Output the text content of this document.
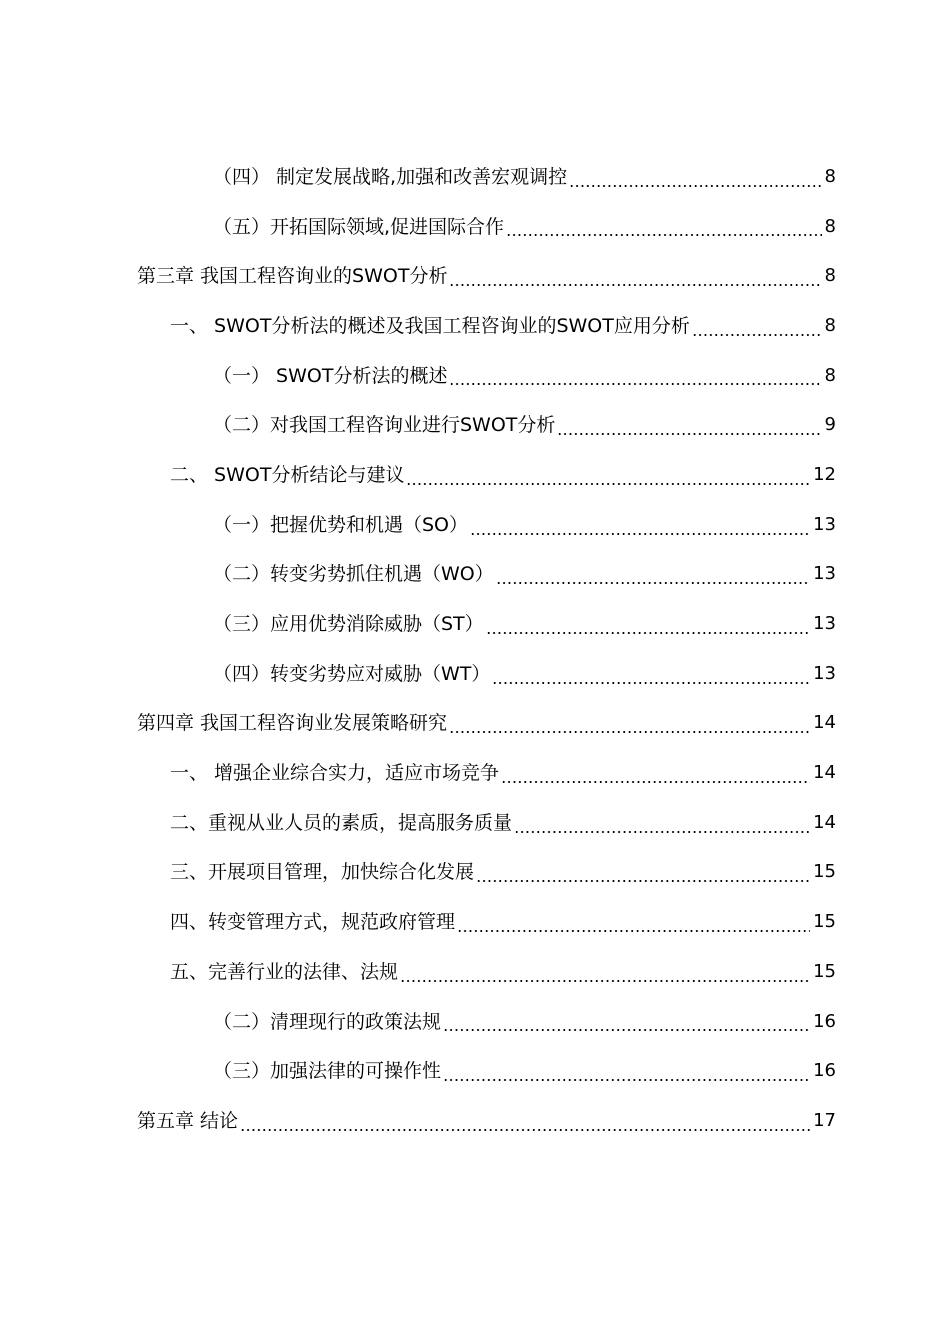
（四） 制定发展战略,加强和改善宏观调控	8
（五）开拓国际领域,促进国际合作	8
第三章 我国工程咨询业的SWOT分析	8
一、 SWOT分析法的概述及我国工程咨询业的SWOT应用分析	8
（一） SWOT分析法的概述	8
（二）对我国工程咨询业进行SWOT分析	9
二、 SWOT分析结论与建议	12
（一）把握优势和机遇（SO）	13
（二）转变劣势抓住机遇（WO）	13
（三）应用优势消除威胁（ST）	13
（四）转变劣势应对威胁（WT）	13
第四章 我国工程咨询业发展策略研究	14
一、 增强企业综合实力，适应市场竞争	14
二、重视从业人员的素质，提高服务质量	14
三、开展项目管理，加快综合化发展	15
四、转变管理方式，规范政府管理	15
五、完善行业的法律、法规	15
（二）清理现行的政策法规	16
（三）加强法律的可操作性	16
第五章 结论	17
